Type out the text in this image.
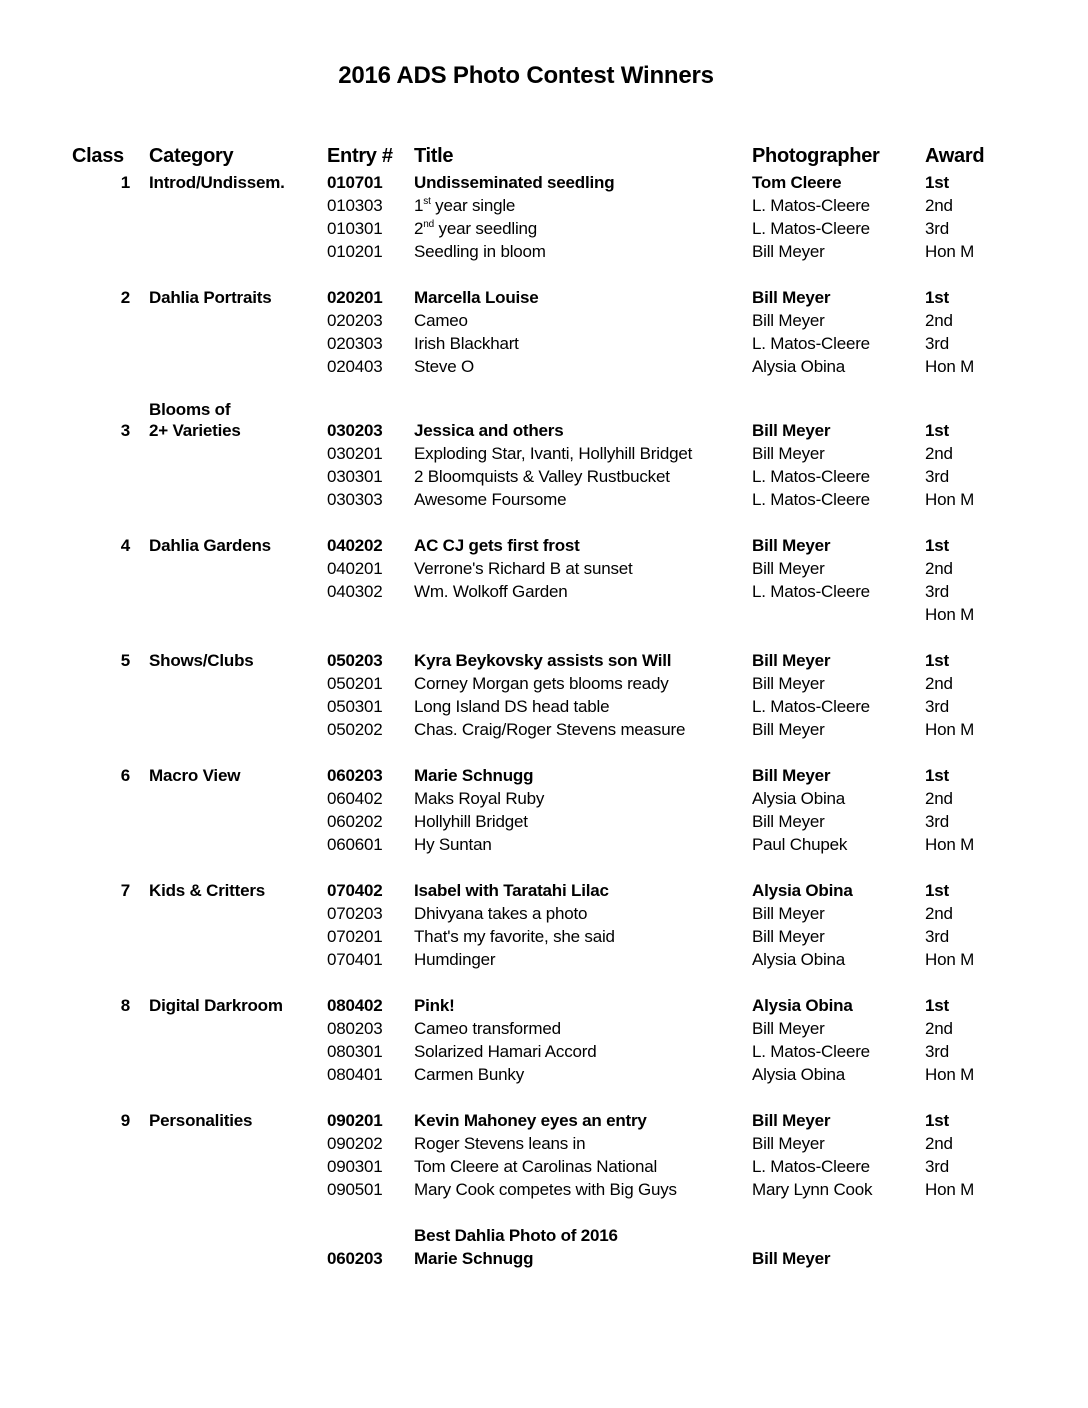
2016 ADS Photo Contest Winners
Class Category	Entry # Title	Photographer Award
1 Introd/Undissem. 010701 Undisseminated seedling	Tom Cleere	1st
010303 1st year single	L. Matos-Cleere	2nd
010301 2nd year seedling	L. Matos-Cleere	3rd
010201 Seedling in bloom	Bill Meyer	Hon M
2 Dahlia Portraits	020201 Marcella Louise	Bill Meyer	1st
020203 Cameo	Bill Meyer	2nd
020303 Irish Blackhart	L. Matos-Cleere	3rd
020403 Steve O	Alysia Obina	Hon M
Blooms of
3 2+ Varieties	030203 Jessica and others	Bill Meyer	1st
030201 Exploding Star, Ivanti, Hollyhill Bridget	Bill Meyer	2nd
030301 2 Bloomquists & Valley Rustbucket	L. Matos-Cleere	3rd
030303 Awesome Foursome	L. Matos-Cleere	Hon M
4 Dahlia Gardens	040202 AC CJ gets first frost	Bill Meyer	1st
040201 Verrone's Richard B at sunset	Bill Meyer	2nd
040302 Wm. Wolkoff Garden	L. Matos-Cleere	3rd
Hon M
5 Shows/Clubs	050203 Kyra Beykovsky assists son Will	Bill Meyer	1st
050201 Corney Morgan gets blooms ready	Bill Meyer	2nd
050301 Long Island DS head table	L. Matos-Cleere	3rd
050202 Chas. Craig/Roger Stevens measure	Bill Meyer	Hon M
6 Macro View	060203 Marie Schnugg	Bill Meyer	1st
060402 Maks Royal Ruby	Alysia Obina	2nd
060202 Hollyhill Bridget	Bill Meyer	3rd
060601 Hy Suntan	Paul Chupek	Hon M
7 Kids & Critters	070402 Isabel with Taratahi Lilac	Alysia Obina	1st
070203 Dhivyana takes a photo	Bill Meyer	2nd
070201 That's my favorite, she said	Bill Meyer	3rd
070401 Humdinger	Alysia Obina	Hon M
8 Digital Darkroom	080402 Pink!	Alysia Obina	1st
080203 Cameo transformed	Bill Meyer	2nd
080301 Solarized Hamari Accord	L. Matos-Cleere	3rd
080401 Carmen Bunky	Alysia Obina	Hon M
9 Personalities	090201 Kevin Mahoney eyes an entry	Bill Meyer	1st
090202 Roger Stevens leans in	Bill Meyer	2nd
090301 Tom Cleere at Carolinas National	L. Matos-Cleere	3rd
090501 Mary Cook competes with Big Guys	Mary Lynn Cook	Hon M
Best Dahlia Photo of 2016
060203 Marie Schnugg	Bill Meyer
